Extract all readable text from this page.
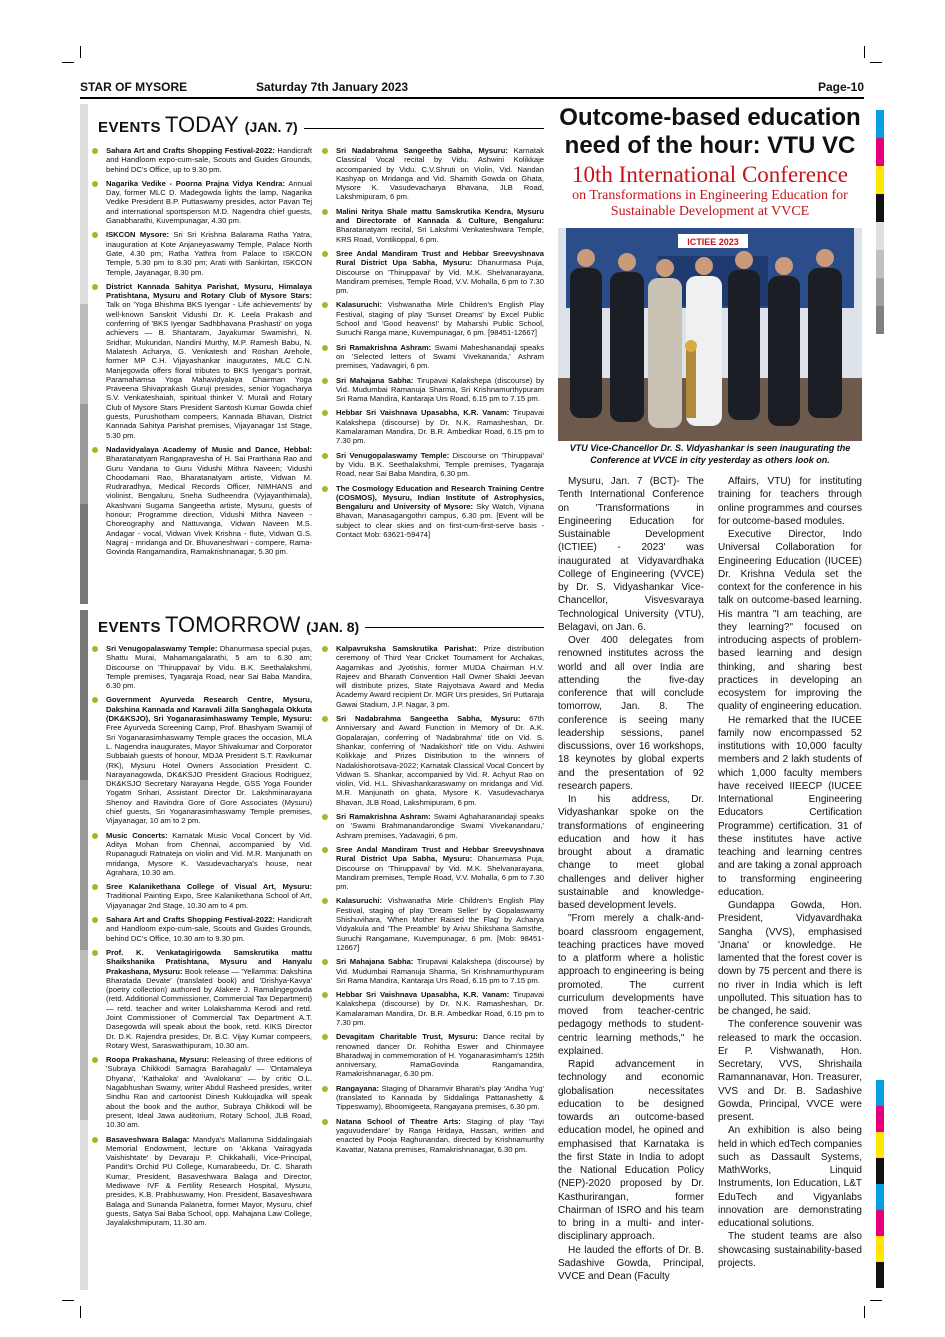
STAR OF MYSORE	Saturday 7th January 2023	Page-10
EVENTS TODAY (JAN. 7)
Sahara Art and Crafts Shopping Festival-2022: Handicraft and Handloom expo-cum-sale, Scouts and Guides Grounds, behind DC's Office, up to 9.30 pm.
Nagarika Vedike - Poorna Prajna Vidya Kendra: Annual Day, former MLC D. Madegowda lights the lamp, Nagarika Vedike President B.P. Puttaswamy presides, actor Pavan Tej and international sportsperson M.D. Nagendra chief guests, Ganabharathi, Kuvempunagar, 4.30 pm.
ISKCON Mysore: Sri Sri Krishna Balarama Ratha Yatra, inauguration at Kote Anjaneyaswamy Temple, Palace North Gate, 4.30 pm; Ratha Yathra from Palace to ISKCON Temple, 5.30 pm to 8.30 pm; Arati with Sankirtan, ISKCON Temple, Jayanagar, 8.30 pm.
District Kannada Sahitya Parishat, Mysuru, Himalaya Pratishtana, Mysuru and Rotary Club of Mysore Stars: Talk on 'Yoga Bhishma BKS Iyengar - Life achievements' by well-known Sanskrit Vidushi Dr. K. Leela Prakash and conferring of 'BKS Iyengar Sadhbhavana Prashasti' on yoga achievers — B. Shantaram, Jayakumar Swamishri, N. Sridhar, Mukundan, Nandini Murthy, M.P. Ramesh Babu, N. Malatesh Acharya, G. Venkatesh and Roshan Arehole, former MP C.H. Vijayashankar inaugurates, MLC C.N. Manjegowda offers floral tributes to BKS Iyengar's portrait, Paramahamsa Yoga Mahavidyalaya Chairman Yoga Praveena Shivaprakash Guruji presides, senior Yogacharya S.V. Venkateshaiah, spiritual thinker V. Murali and Rotary Club of Mysore Stars President Santosh Kumar Gowda chief guests, Purushotham compeers, Kannada Bhavan, District Kannada Sahitya Parishat premises, Vijayanagar 1st Stage, 5.30 pm.
Nadavidyalaya Academy of Music and Dance, Hebbal: Bharatanatyam Rangapravesha of H. Sai Prarthana Rao and Guru Vandana to Guru Vidushi Mithra Naveen; Vidushi Choodamani Rao, Bharatanatyam artiste, Vidwan M. Rudraradhya, Medical Records Officer, NIMHANS and violinist, Bengaluru, Sneha Sudheendra (Vyjayanthimala), Akashvani Sugama Sangeetha artiste, Mysuru, guests of honour; Programme direction, Vidushi Mithra Naveen - Choreography and Nattuvanga, Vidwan Naveen M.S. Andagar - vocal, Vidwan Vivek Krishna - flute, Vidwan G.S. Nagraj - mridanga and Dr. Bhuvaneshwari - compere, Rama-Govinda Rangamandira, Ramakrishnanagar, 5.30 pm.
Sri Nadabrahma Sangeetha Sabha, Mysuru: Karnatak Classical Vocal recital by Vidu. Ashwini Kolikkaje accompanied by Vidu. C.V.Shruti on Violin, Vid. Nandan Kashyap on Mridanga and Vid. Shamith Gowda on Ghata, Mysore K. Vasudevacharya Bhavana, JLB Road, Lakshmipuram, 6 pm.
Malini Nritya Shale mattu Samskrutika Kendra, Mysuru and Directorate of Kannada & Culture, Bengaluru: Bharatanatyam recital, Sri Lakshmi Venkateshwara Temple, KRS Road, Vontikoppal, 6 pm.
Sree Andal Mandiram Trust and Hebbar Sreevyshnava Rural District Upa Sabha, Mysuru: Dhanurmasa Puja, Discourse on 'Thiruppavai' by Vid. M.K. Shelvanarayana, Mandiram premises, Temple Road, V.V. Mohalla, 6 pm to 7.30 pm.
Kalasuruchi: Vishwanatha Mirle Children's English Play Festival, staging of play 'Sunset Dreams' by Excel Public School and 'Good heavens!' by Maharshi Public School, Suruchi Ranga mane, Kuvempunagar, 6 pm. [98451-12667]
Sri Ramakrishna Ashram: Swami Maheshanandaji speaks on 'Selected letters of Swami Vivekananda,' Ashram premises, Yadavagiri, 6 pm.
Sri Mahajana Sabha: Tirupavai Kalakshepa (discourse) by Vid. Mudumbai Ramanuja Sharma, Sri Krishnamurthypuram Sri Rama Mandira, Kantaraja Urs Road, 6.15 pm to 7.15 pm.
Hebbar Sri Vaishnava Upasabha, K.R. Vanam: Tirupavai Kalakshepa (discourse) by Dr. N.K. Ramasheshan, Dr. Kamalaraman Mandira, Dr. B.R. Ambedkar Road, 6.15 pm to 7.30 pm.
Sri Venugopalaswamy Temple: Discourse on 'Thiruppavai' by Vidu. B.K. Seethalakshmi, Temple premises, Tyagaraja Road, near Sai Baba Mandira, 6.30 pm.
The Cosmology Education and Research Training Centre (COSMOS), Mysuru, Indian Institute of Astrophysics, Bengaluru and University of Mysore: Sky Watch, Vijnana Bhavan, Manasagangothri campus, 6.30 pm. [Event will be subject to clear skies and on first-cum-first-serve basis - Contact Mob: 63621-59474]
EVENTS TOMORROW (JAN. 8)
Sri Venugopalaswamy Temple: Dhanurmasa special pujas, Shattu Murai, Mahamangalarathi, 5 am to 6.30 am; Discourse on 'Thiruppavai' by Vidu. B.K. Seethalakshmi, Temple premises, Tyagaraja Road, near Sai Baba Mandira, 6.30 pm.
Government Ayurveda Research Centre, Mysuru, Dakshina Kannada and Karavali Jilla Sanghagala Okkuta (DK&KSJO), Sri Yoganarasimhaswamy Temple, Mysuru: Free Ayurveda Screening Camp, Prof. Bhashyam Swamiji of Sri Yoganarasimhaswamy Temple graces the occasion, MLA L. Nagendra inaugurates, Mayor Shivakumar and Corporator Subbaiah guests of honour, MDJA President S.T. Ravikumar (RK), Mysuru Hotel Owners Association President C. Narayanagowda, DK&KSJO President Gracious Rodriguez, DK&KSJO Secretary Narayana Hegde, GSS Yoga Founder Yogatm Srihari, Assistant Director Dr. Lakshminarayana Shenoy and Ravindra Gore of Gore Associates (Mysuru) chief guests, Sri Yoganarasimhaswamy Temple premises, Vijayanagar, 10 am to 2 pm.
Music Concerts: Karnatak Music Vocal Concert by Vid. Aditya Mohan from Chennai, accompanied by Vid. Rupanagudi Ratnateja on violin and Vid. M.R. Manjunath on mridanga, Mysore K. Vasudevacharya's house, near Agrahara, 10.30 am.
Sree Kalanikethana College of Visual Art, Mysuru: Traditional Painting Expo, Sree Kalanikethana School of Art, Vijayanagar 2nd Stage, 10.30 am to 4 pm.
Sahara Art and Crafts Shopping Festival-2022: Handicraft and Handloom expo-cum-sale, Scouts and Guides Grounds, behind DC's Office, 10.30 am to 9.30 pm.
Prof. K. Venkatagirigowda Samskrutika mattu Shaikshanika Pratishtana, Mysuru and Hanyalu Prakashana, Mysuru: Book release — 'Yellamma: Dakshina Bharatada Devate' (translated book) and 'Drishya-Kavya' (poetry collection) authored by Alakere J. Ramalingegowda (retd. Additional Commissioner, Commercial Tax Department) — retd. teacher and writer Lolakshamma Kerodi and retd. Joint Commissioner of Commercial Tax Department A.T. Dasegowda will speak about the book, retd. KIKS Director Dr. D.K. Rajendra presides, Dr. B.C. Vijay Kumar compeers, Rotary West, Saraswathipuram, 10.30 am.
Roopa Prakashana, Mysuru: Releasing of three editions of 'Subraya Chikkodi Samagra Barahagalu' — 'Ontamaleya Dhyana', 'Kathaloka' and 'Avalokana' — by critic O.L. Nagabhushan Swamy, writer Abdul Rasheed presides, writer Sindhu Rao and cartoonist Dinesh Kukkujadka will speak about the book and the author, Subraya Chikkodi will be present, Ideal Jawa auditorium, Rotary School, JLB Road, 10.30 am.
Basaveshwara Balaga: Mandya's Mallamma Siddalingaiah Memorial Endowment, lecture on 'Akkana Vairagyada Vaishishtate' by Devaraju P. Chikkahalli, Vice-Principal, Pandit's Orchid PU College, Kumarabeedu, Dr. C. Sharath Kumar, President, Basaveshwara Balaga and Director, Mediwave IVF & Fertility Research Hospital, Mysuru, presides, K.B. Prabhuswamy, Hon. President, Basaveshwara Balaga and Sunanda Palanetra, former Mayor, Mysuru, chief guests, Satya Sai Baba School, opp. Mahajana Law College, Jayalakshmipuram, 11.30 am.
Kalpavruksha Samskrutika Parishat: Prize distribution ceremony of Third Year Cricket Tournament for Archakas, Aagamikas and Jyotishis, former MUDA Chairman H.V. Rajeev and Bharath Convention Hall Owner Shakti Jeevan will distribute prizes, State Rajyotsava Award and Media Academy Award recipient Dr. MGR Urs presides, Sri Puttaraja Gawai Stadium, J.P. Nagar, 3 pm.
Sri Nadabrahma Sangeetha Sabha, Mysuru: 67th Anniversary and Award Function in Memory of Dr. A.K. Gopalarajan, conferring of 'Nadabrahma' title on Vid. S. Shankar, conferring of 'Nadakishori' title on Vidu. Ashwini Kolikkaje and Prizes Distribution to the winners of Nadakishorotsava-2022; Karnatak Classical Vocal Concert by Vidwan S. Shankar, accompanied by Vid. R. Achyut Rao on violin, Vid. H.L. Shivashankaraswamy on mridanga and Vid. M.R. Manjunath on ghata, Mysore K. Vasudevacharya Bhavan, JLB Road, Lakshmipuram, 6 pm.
Sri Ramakrishna Ashram: Swami Aghaharanandaji speaks on 'Swami Brahmanandarondige Swami Vivekanandaru,' Ashram premises, Yadavagiri, 6 pm.
Sree Andal Mandiram Trust and Hebbar Sreevyshnava Rural District Upa Sabha, Mysuru: Dhanurmasa Puja, Discourse on 'Thiruppavai' by Vid. M.K. Shelvanarayana, Mandiram premises, Temple Road, V.V. Mohalla, 6 pm to 7.30 pm.
Kalasuruchi: Vishwanatha Mirle Children's English Play Festival, staging of play 'Dream Seller' by Gopalaswamy Shishuvihara, 'When Mother Raised the Flag' by Acharya Vidyakula and 'The Preamble' by Arivu Shikshana Samsthe, Suruchi Rangamane, Kuvempunagar, 6 pm. [Mob: 98451-12667]
Sri Mahajana Sabha: Tirupavai Kalakshepa (discourse) by Vid. Mudumbai Ramanuja Sharma, Sri Krishnamurthypuram Sri Rama Mandira, Kantaraja Urs Road, 6.15 pm to 7.15 pm.
Hebbar Sri Vaishnava Upasabha, K.R. Vanam: Tirupavai Kalakshepa (discourse) by Dr. N.K. Ramasheshan, Dr. Kamalaraman Mandira, Dr. B.R. Ambedkar Road, 6.15 pm to 7.30 pm.
Devagitam Charitable Trust, Mysuru: Dance recital by renowned dancer Dr. Rohitha Eswer and Chinmayee Bharadwaj in commemoration of H. Yoganarasimham's 125th anniversary, RamaGovinda Rangamandira, Ramakrishnanagar, 6.30 pm.
Rangayana: Staging of Dharamvir Bharati's play 'Andha Yug' (translated to Kannada by Siddalinga Pattanashetty & Tippeswamy), Bhoomigeeta, Rangayana premises, 6.30 pm.
Natana School of Theatre Arts: Staging of play 'Tayi yaguvudendare' by Ranga Hridaya, Hassan, written and enacted by Pooja Raghunandan, directed by Krishnamurthy Kavattar, Natana premises, Ramakrishnanagar, 6.30 pm.
Outcome-based education need of the hour: VTU VC
10th International Conference
on Transformations in Engineering Education for Sustainable Development at VVCE
ICTIEE 2023
VTU Vice-Chancellor Dr. S. Vidyashankar is seen inaugurating the Conference at VVCE in city yesterday as others look on.

Mysuru, Jan. 7 (BCT)- The Tenth International Conference on 'Transformations in Engineering Education for Sustainable Development (ICTIEE) - 2023' was inaugurated at Vidyavardhaka College of Engineering (VVCE) by Dr. S. Vidyashankar Vice-Chancellor, Visvesvaraya Technological University (VTU), Belagavi, on Jan. 6.

Over 400 delegates from renowned institutes across the world and all over India are attending the five-day conference that will conclude tomorrow, Jan. 8. The conference is seeing many leadership sessions, panel discussions, over 16 workshops, 18 keynotes by global experts and the presentation of 92 research papers.

In his address, Dr. Vidyashankar spoke on the transformations of engineering education and how it has brought about a dramatic change to meet global challenges and deliver higher sustainable and knowledge-based development levels.

"From merely a chalk-and-board classroom engagement, teaching practices have moved to a platform where a holistic approach to engineering is being promoted. The current curriculum developments have moved from teacher-centric pedagogy methods to student-centric learning methods," he explained.

Rapid advancement in technology and economic globalisation necessitates education to be designed towards an outcome-based education model, he opined and emphasised that Karnataka is the first State in India to adopt the National Education Policy (NEP)-2020 proposed by Dr. Kasthurirangan, former Chairman of ISRO and his team to bring in a multi- and inter-disciplinary approach.

He lauded the efforts of Dr. B. Sadashive Gowda, Principal, VVCE and Dean (Faculty

Affairs, VTU) for instituting training for teachers through online programmes and courses for outcome-based modules.

Executive Director, Indo Universal Collaboration for Engineering Education (IUCEE) Dr. Krishna Vedula set the context for the conference in his talk on outcome-based learning. His mantra "I am teaching, are they learning?" focused on introducing aspects of problem-based learning and design thinking, and sharing best practices in developing an ecosystem for improving the quality of engineering education.

He remarked that the IUCEE family now encompassed 52 institutions with 10,000 faculty members and 2 lakh students of which 1,000 faculty members have received IIEECP (IUCEE International Engineering Educators Certification Programme) certification. 31 of these institutes have active teaching and learning centres and are taking a zonal approach to transforming engineering education.

Gundappa Gowda, Hon. President, Vidyavardhaka Sangha (VVS), emphasised 'Jnana' or knowledge. He lamented that the forest cover is down by 75 percent and there is no river in India which is left unpolluted. This situation has to be changed, he said.

The conference souvenir was released to mark the occasion. Er P. Vishwanath, Hon. Secretary, VVS, Shrishaila Ramannanavar, Hon. Treasurer, VVS and Dr. B. Sadashive Gowda, Principal, VVCE were present.

An exhibition is also being held in which edTech companies such as Dassault Systems, MathWorks, Linquid Instruments, Ion Education, L&T EduTech and Vigyanlabs innovation are demonstrating educational solutions.

The student teams are also showcasing sustainability-based projects.
